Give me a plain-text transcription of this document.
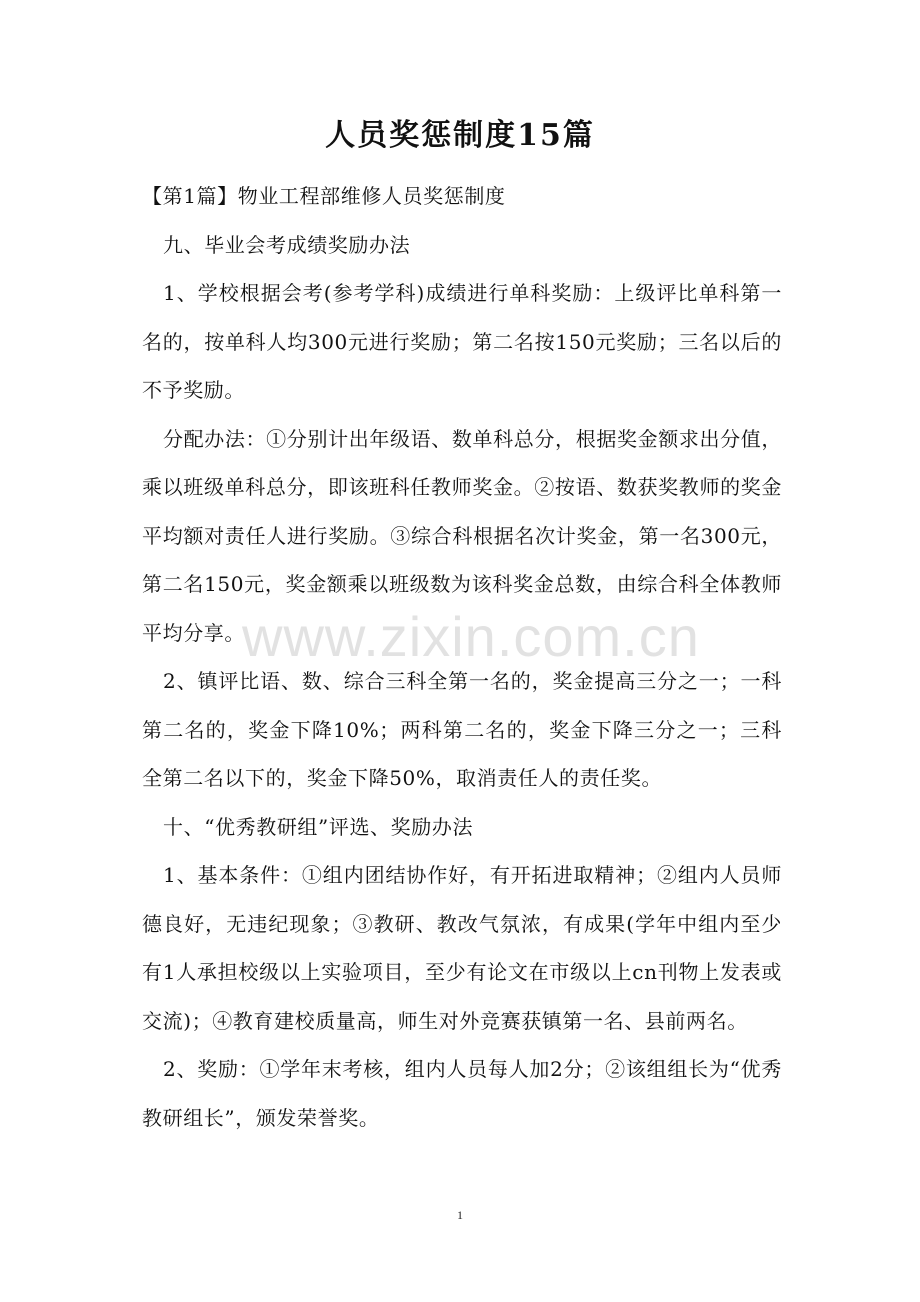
人员奖惩制度15篇

【第1篇】物业工程部维修人员奖惩制度

九、毕业会考成绩奖励办法

1、学校根据会考(参考学科)成绩进行单科奖励：上级评比单科第一名的，按单科人均300元进行奖励；第二名按150元奖励；三名以后的不予奖励。

分配办法：①分别计出年级语、数单科总分，根据奖金额求出分值，乘以班级单科总分，即该班科任教师奖金。②按语、数获奖教师的奖金平均额对责任人进行奖励。③综合科根据名次计奖金，第一名300元，第二名150元，奖金额乘以班级数为该科奖金总数，由综合科全体教师平均分享。

2、镇评比语、数、综合三科全第一名的，奖金提高三分之一；一科第二名的，奖金下降10%；两科第二名的，奖金下降三分之一；三科全第二名以下的，奖金下降50%，取消责任人的责任奖。

十、“优秀教研组”评选、奖励办法

1、基本条件：①组内团结协作好，有开拓进取精神；②组内人员师德良好，无违纪现象；③教研、教改气氛浓，有成果(学年中组内至少有1人承担校级以上实验项目，至少有论文在市级以上cn刊物上发表或交流)；④教育建校质量高，师生对外竞赛获镇第一名、县前两名。

2、奖励：①学年末考核，组内人员每人加2分；②该组组长为“优秀教研组长”，颁发荣誉奖。

www.zixin.com.cn
1
